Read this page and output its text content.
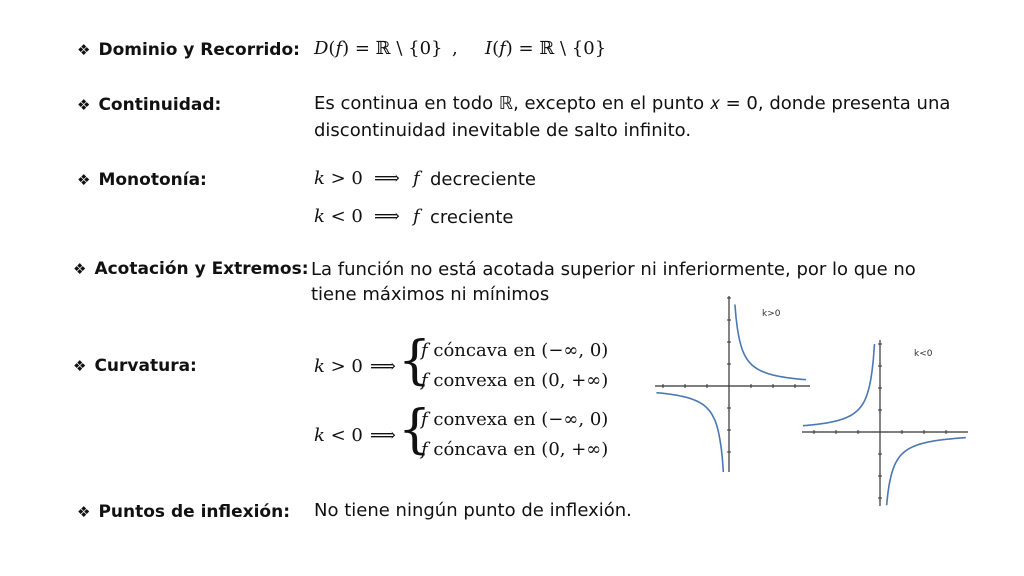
❖ Dominio y Recorrido: 𝐷(𝑓) = ℝ \ {0} , 𝐼(𝑓) = ℝ \ {0}
❖ Continuidad:	Es continua en todo ℝ, excepto en el punto 𝑥 = 0, donde presenta una
discontinuidad inevitable de salto infinito.
❖ Monotonía:	𝑘 > 0 ⟹ 𝑓 decreciente
𝑘 < 0 ⟹ 𝑓 creciente
❖ Acotación y Extremos: La función no está acotada superior ni inferiormente, por lo que no
tiene máximos ni mínimos
❖ Curvatura:	𝑘 > 0 ⟹ {
𝑓 cóncava en (−∞, 0)
𝑓 convexa en (0, +∞)
𝑘 < 0 ⟹ {
𝑓 convexa en (−∞, 0)
𝑓 cóncava en (0, +∞)
❖ Puntos de inflexión: No tiene ningún punto de inflexión.
k>0
k<0
